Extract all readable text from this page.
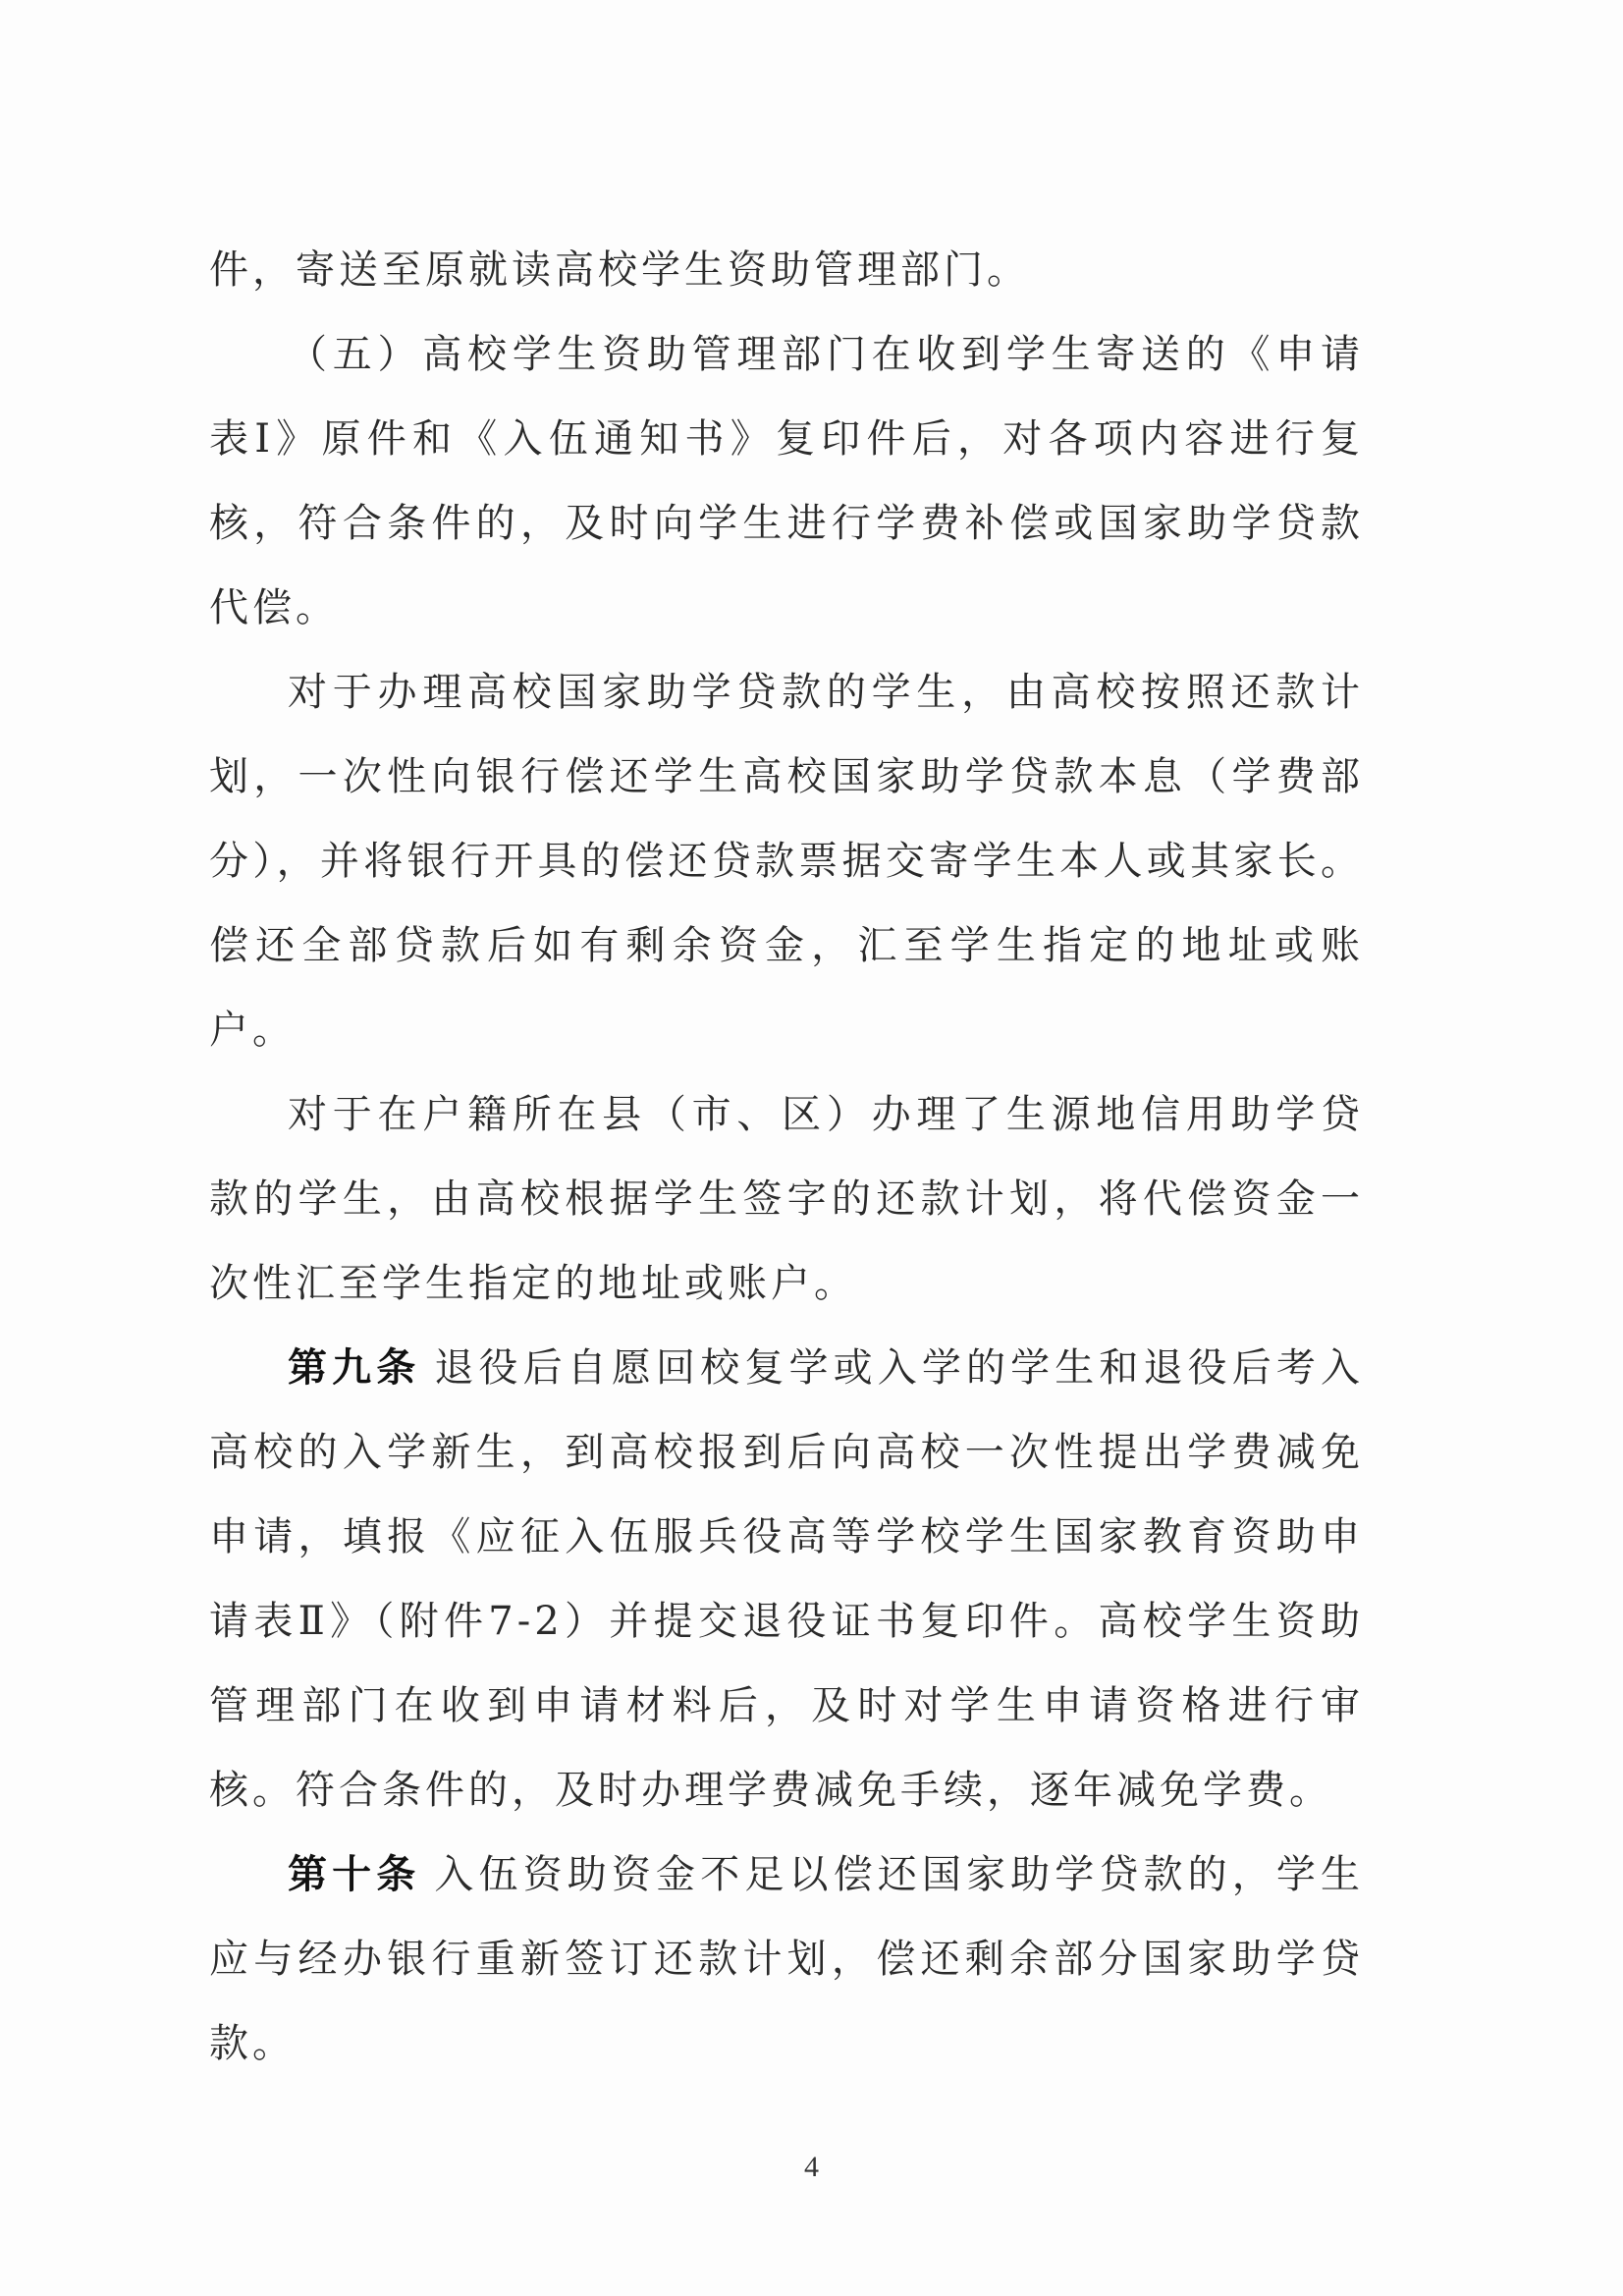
件，寄送至原就读高校学生资助管理部门。

（五）高校学生资助管理部门在收到学生寄送的《申请表Ⅰ》原件和《入伍通知书》复印件后，对各项内容进行复核，符合条件的，及时向学生进行学费补偿或国家助学贷款代偿。

对于办理高校国家助学贷款的学生，由高校按照还款计划，一次性向银行偿还学生高校国家助学贷款本息（学费部分），并将银行开具的偿还贷款票据交寄学生本人或其家长。偿还全部贷款后如有剩余资金，汇至学生指定的地址或账户。

对于在户籍所在县（市、区）办理了生源地信用助学贷款的学生，由高校根据学生签字的还款计划，将代偿资金一次性汇至学生指定的地址或账户。

第九条 退役后自愿回校复学或入学的学生和退役后考入高校的入学新生，到高校报到后向高校一次性提出学费减免申请，填报《应征入伍服兵役高等学校学生国家教育资助申请表Ⅱ》（附件7-2）并提交退役证书复印件。高校学生资助管理部门在收到申请材料后，及时对学生申请资格进行审核。符合条件的，及时办理学费减免手续，逐年减免学费。

第十条 入伍资助资金不足以偿还国家助学贷款的，学生应与经办银行重新签订还款计划，偿还剩余部分国家助学贷款。

4
